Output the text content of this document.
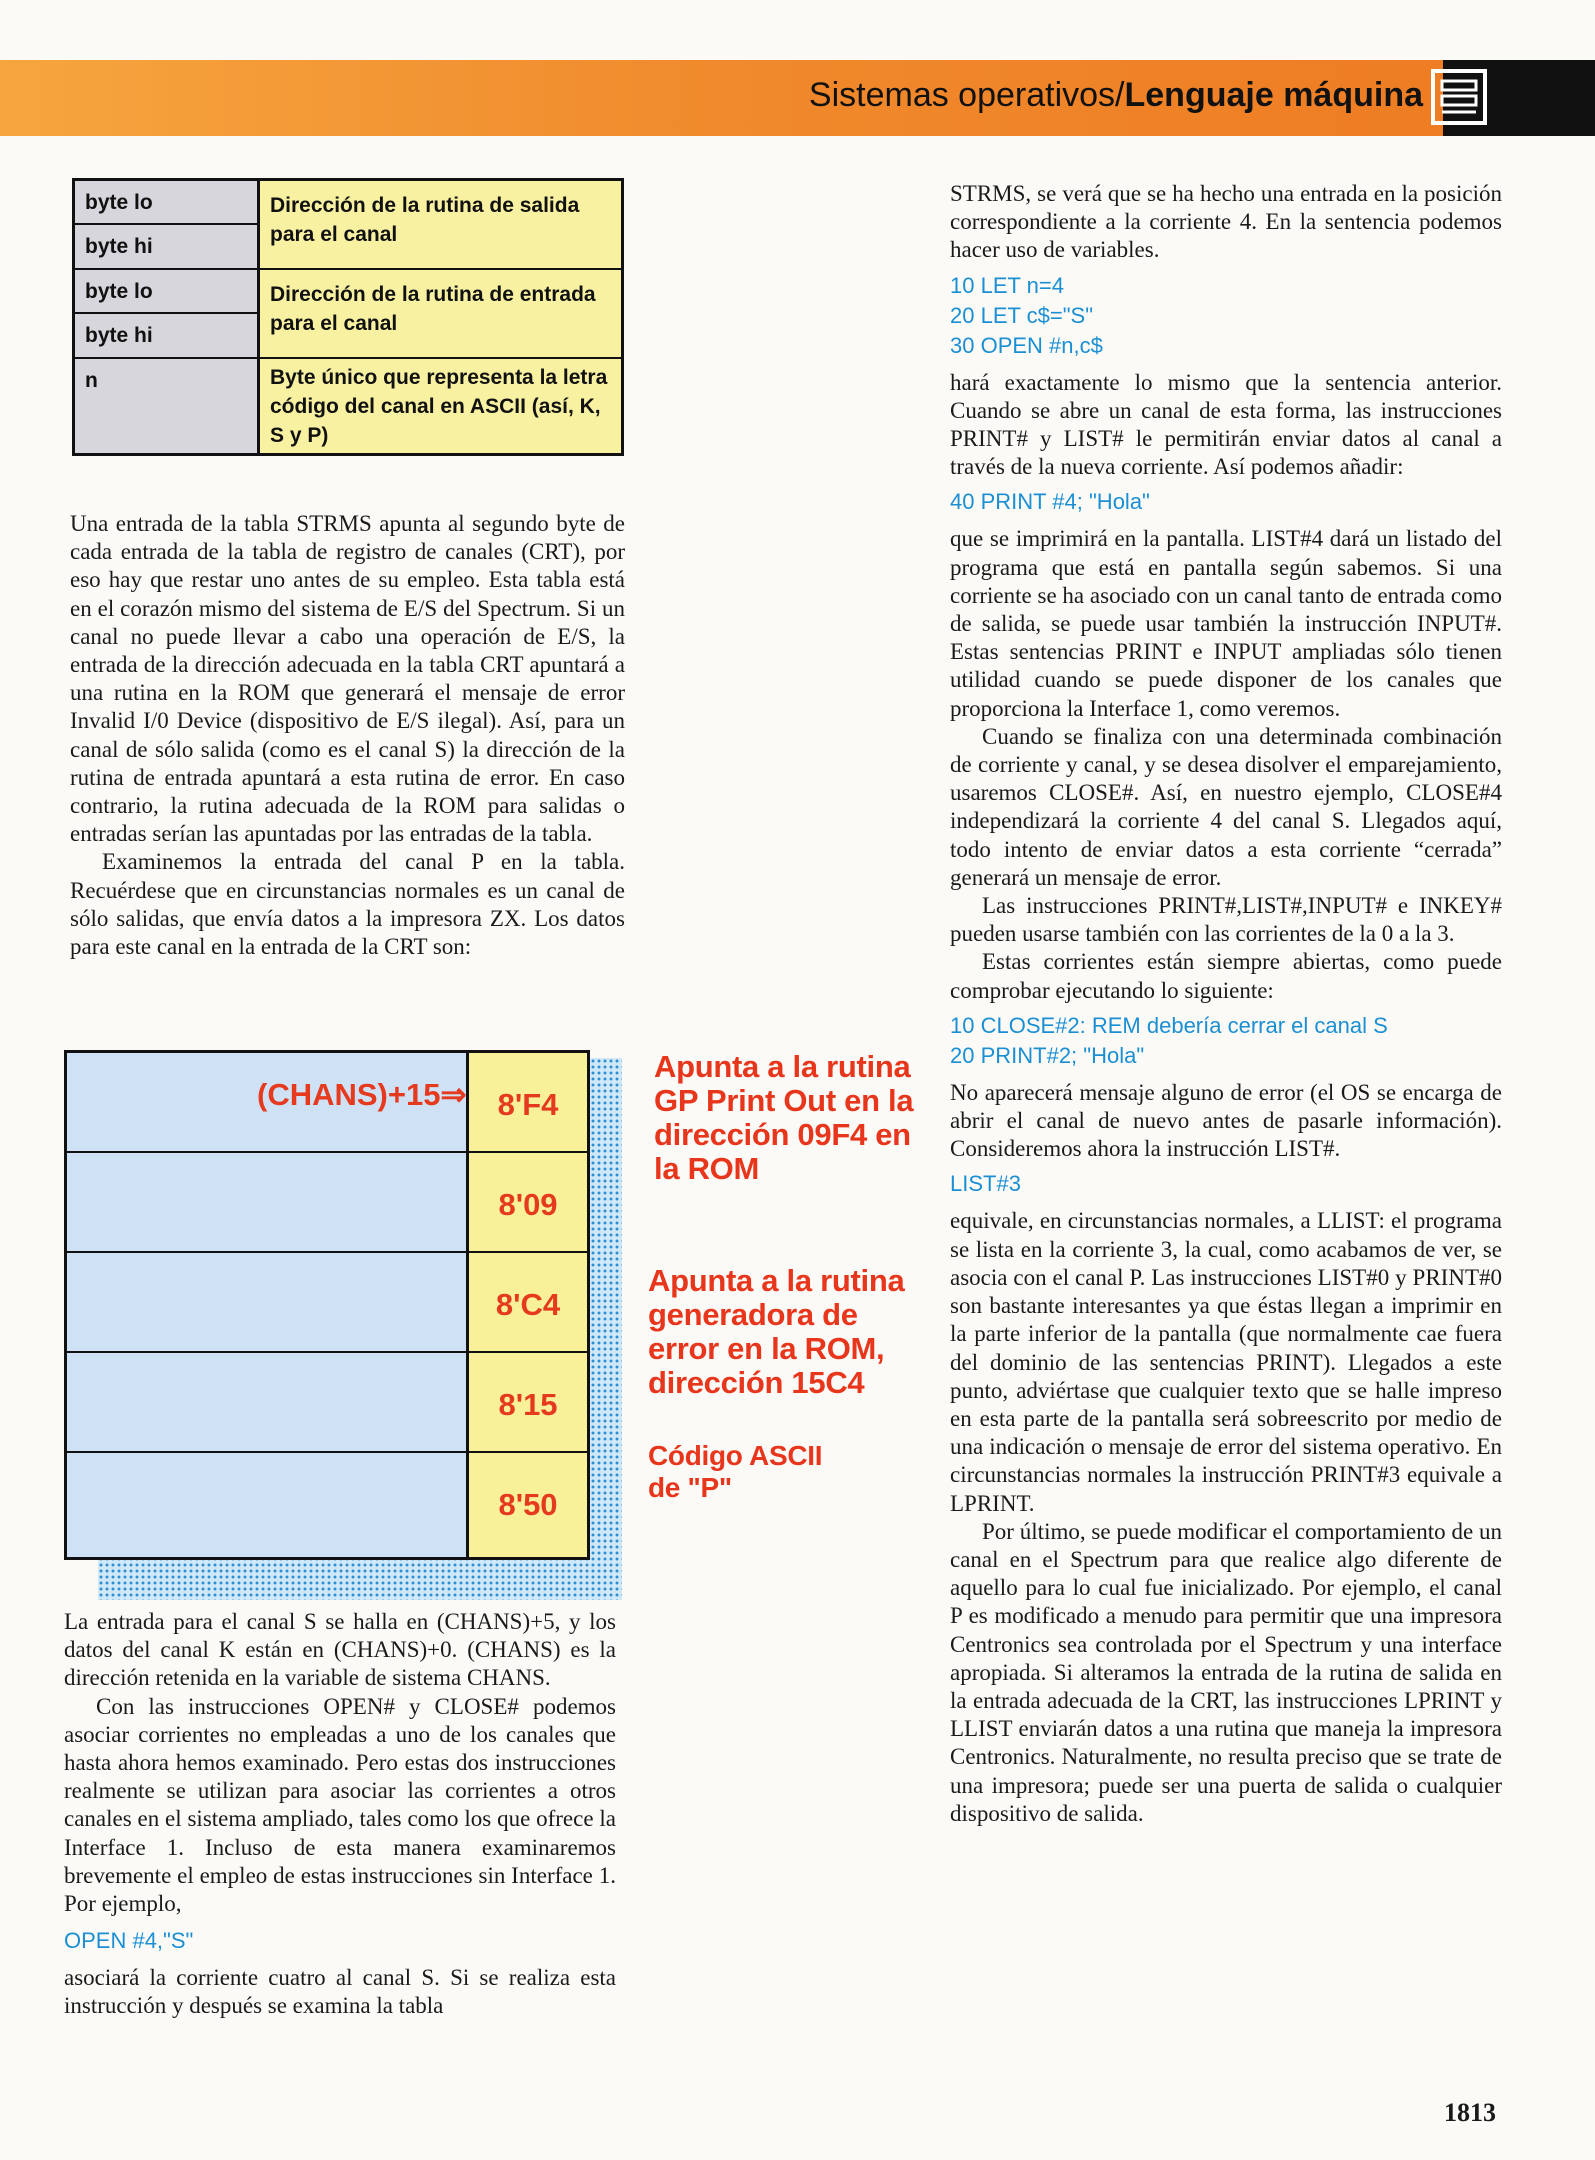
Sistemas operativos/Lenguaje máquina
byte lo
byte hi
Dirección de la rutina de salida para el canal
byte lo
byte hi
Dirección de la rutina de entrada para el canal
n	Byte único que representa la letra código del canal en ASCII (así, K, S y P)

Una entrada de la tabla STRMS apunta al segundo byte de cada entrada de la tabla de registro de canales (CRT), por eso hay que restar uno antes de su empleo. Esta tabla está en el corazón mismo del sistema de E/S del Spectrum. Si un canal no puede llevar a cabo una operación de E/S, la entrada de la dirección adecuada en la tabla CRT apuntará a una rutina en la ROM que generará el mensaje de error Invalid I/0 Device (dispositivo de E/S ilegal). Así, para un canal de sólo salida (como es el canal S) la dirección de la rutina de entrada apuntará a esta rutina de error. En caso contrario, la rutina adecuada de la ROM para salidas o entradas serían las apuntadas por las entradas de la tabla.

Examinemos la entrada del canal P en la tabla. Recuérdese que en circunstancias normales es un canal de sólo salidas, que envía datos a la impresora ZX. Los datos para este canal en la entrada de la CRT son:

(CHANS)+15⇒	8'F4
8'09
8'C4
8'15
8'50
Apunta a la rutina GP Print Out en la dirección 09F4 en la ROM
Apunta a la rutina generadora de error en la ROM, dirección 15C4
Código ASCII de "P"

La entrada para el canal S se halla en (CHANS)+5, y los datos del canal K están en (CHANS)+0. (CHANS) es la dirección retenida en la variable de sistema CHANS.

Con las instrucciones OPEN# y CLOSE# podemos asociar corrientes no empleadas a uno de los canales que hasta ahora hemos examinado. Pero estas dos instrucciones realmente se utilizan para asociar las corrientes a otros canales en el sistema ampliado, tales como los que ofrece la Interface 1. Incluso de esta manera examinaremos brevemente el empleo de estas instrucciones sin Interface 1. Por ejemplo,

OPEN #4,"S"

asociará la corriente cuatro al canal S. Si se realiza esta instrucción y después se examina la tabla

STRMS, se verá que se ha hecho una entrada en la posición correspondiente a la corriente 4. En la sentencia podemos hacer uso de variables.

10 LET n=4
20 LET c$="S"
30 OPEN #n,c$

hará exactamente lo mismo que la sentencia anterior. Cuando se abre un canal de esta forma, las instrucciones PRINT# y LIST# le permitirán enviar datos al canal a través de la nueva corriente. Así podemos añadir:

40 PRINT #4; "Hola"

que se imprimirá en la pantalla. LIST#4 dará un listado del programa que está en pantalla según sabemos. Si una corriente se ha asociado con un canal tanto de entrada como de salida, se puede usar también la instrucción INPUT#. Estas sentencias PRINT e INPUT ampliadas sólo tienen utilidad cuando se puede disponer de los canales que proporciona la Interface 1, como veremos.

Cuando se finaliza con una determinada combinación de corriente y canal, y se desea disolver el emparejamiento, usaremos CLOSE#. Así, en nuestro ejemplo, CLOSE#4 independizará la corriente 4 del canal S. Llegados aquí, todo intento de enviar datos a esta corriente “cerrada” generará un mensaje de error.

Las instrucciones PRINT#,LIST#,INPUT# e INKEY# pueden usarse también con las corrientes de la 0 a la 3.

Estas corrientes están siempre abiertas, como puede comprobar ejecutando lo siguiente:

10 CLOSE#2: REM debería cerrar el canal S
20 PRINT#2; "Hola"

No aparecerá mensaje alguno de error (el OS se encarga de abrir el canal de nuevo antes de pasarle información). Consideremos ahora la instrucción LIST#.

LIST#3

equivale, en circunstancias normales, a LLIST: el programa se lista en la corriente 3, la cual, como acabamos de ver, se asocia con el canal P. Las instrucciones LIST#0 y PRINT#0 son bastante interesantes ya que éstas llegan a imprimir en la parte inferior de la pantalla (que normalmente cae fuera del dominio de las sentencias PRINT). Llegados a este punto, adviértase que cualquier texto que se halle impreso en esta parte de la pantalla será sobreescrito por medio de una indicación o mensaje de error del sistema operativo. En circunstancias normales la instrucción PRINT#3 equivale a LPRINT.

Por último, se puede modificar el comportamiento de un canal en el Spectrum para que realice algo diferente de aquello para lo cual fue inicializado. Por ejemplo, el canal P es modificado a menudo para permitir que una impresora Centronics sea controlada por el Spectrum y una interface apropiada. Si alteramos la entrada de la rutina de salida en la entrada adecuada de la CRT, las instrucciones LPRINT y LLIST enviarán datos a una rutina que maneja la impresora Centronics. Naturalmente, no resulta preciso que se trate de una impresora; puede ser una puerta de salida o cualquier dispositivo de salida.

1813
